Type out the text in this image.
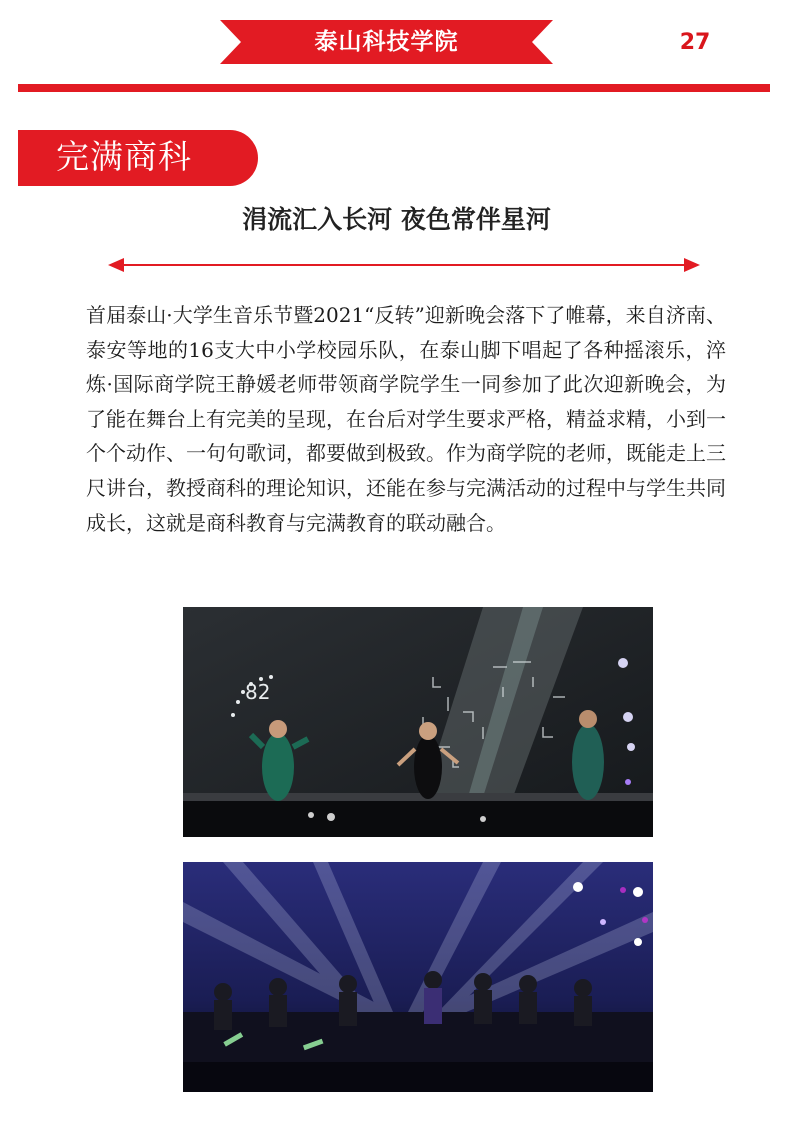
泰山科技学院	27
完满商科
涓流汇入长河 夜色常伴星河

首届泰山·大学生音乐节暨2021“反转”迎新晚会落下了帷幕，来自济南、泰安等地的16支大中小学校园乐队，在泰山脚下唱起了各种摇滚乐，淬炼·国际商学院王静媛老师带领商学院学生一同参加了此次迎新晚会，为了能在舞台上有完美的呈现，在台后对学生要求严格，精益求精，小到一个个动作、一句句歌词，都要做到极致。作为商学院的老师，既能走上三尺讲台，教授商科的理论知识，还能在参与完满活动的过程中与学生共同成长，这就是商科教育与完满教育的联动融合。

82
